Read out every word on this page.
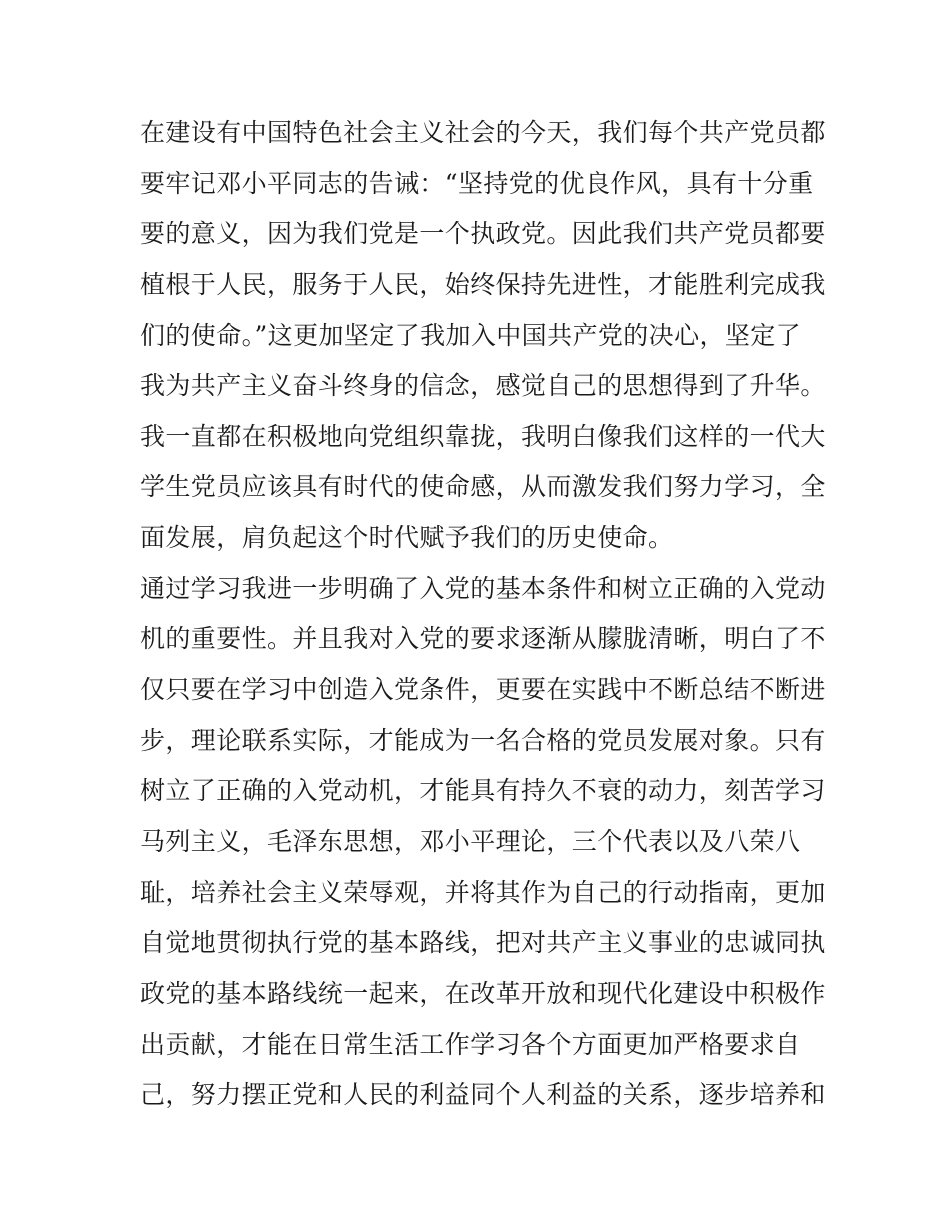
在建设有中国特色社会主义社会的今天，我们每个共产党员都
要牢记邓小平同志的告诫：“坚持党的优良作风，具有十分重
要的意义，因为我们党是一个执政党。因此我们共产党员都要
植根于人民，服务于人民，始终保持先进性，才能胜利完成我
们的使命。”这更加坚定了我加入中国共产党的决心，坚定了
我为共产主义奋斗终身的信念，感觉自己的思想得到了升华。
我一直都在积极地向党组织靠拢，我明白像我们这样的一代大
学生党员应该具有时代的使命感，从而激发我们努力学习，全
面发展，肩负起这个时代赋予我们的历史使命。
通过学习我进一步明确了入党的基本条件和树立正确的入党动
机的重要性。并且我对入党的要求逐渐从朦胧清晰，明白了不
仅只要在学习中创造入党条件，更要在实践中不断总结不断进
步，理论联系实际，才能成为一名合格的党员发展对象。只有
树立了正确的入党动机，才能具有持久不衰的动力，刻苦学习
马列主义，毛泽东思想，邓小平理论，三个代表以及八荣八
耻，培养社会主义荣辱观，并将其作为自己的行动指南，更加
自觉地贯彻执行党的基本路线，把对共产主义事业的忠诚同执
政党的基本路线统一起来，在改革开放和现代化建设中积极作
出贡献，才能在日常生活工作学习各个方面更加严格要求自
己，努力摆正党和人民的利益同个人利益的关系，逐步培养和
